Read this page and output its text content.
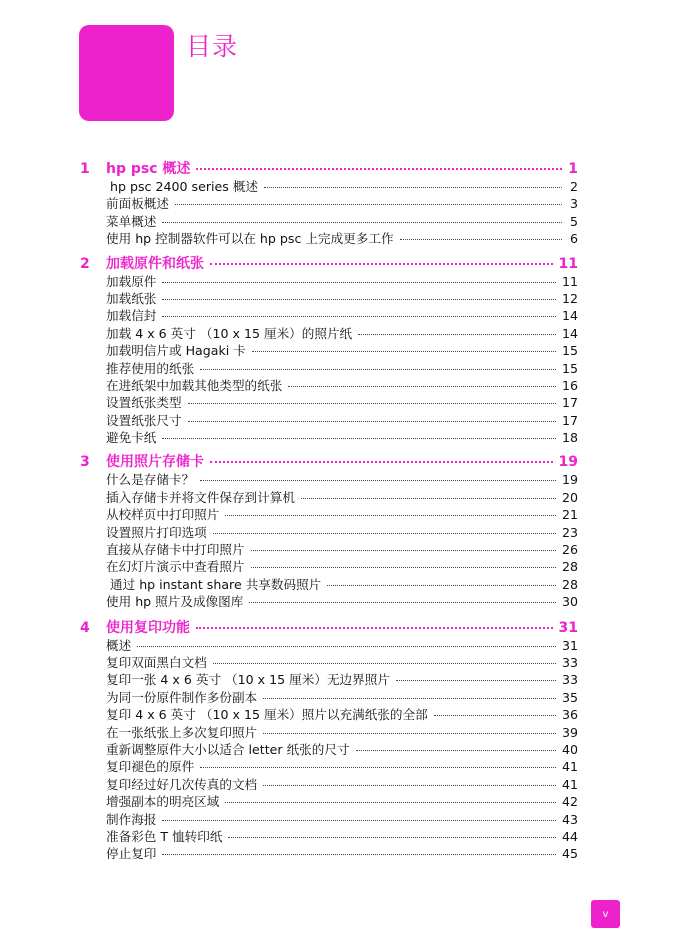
目录
1	hp psc 概述	1
hp psc 2400 series 概述	2
前面板概述	3
菜单概述	5
使用 hp 控制器软件可以在 hp psc 上完成更多工作	6
2	加载原件和纸张	11
加载原件	11
加载纸张	12
加载信封	14
加载 4 x 6 英寸 （10 x 15 厘米）的照片纸	14
加载明信片或 Hagaki 卡	15
推荐使用的纸张	15
在进纸架中加载其他类型的纸张	16
设置纸张类型	17
设置纸张尺寸	17
避免卡纸	18
3	使用照片存储卡	19
什么是存储卡？	19
插入存储卡并将文件保存到计算机	20
从校样页中打印照片	21
设置照片打印选项	23
直接从存储卡中打印照片	26
在幻灯片演示中查看照片	28
通过 hp instant share 共享数码照片	28
使用 hp 照片及成像图库	30
4	使用复印功能	31
概述	31
复印双面黑白文档	33
复印一张 4 x 6 英寸 （10 x 15 厘米）无边界照片	33
为同一份原件制作多份副本	35
复印 4 x 6 英寸 （10 x 15 厘米）照片以充满纸张的全部	36
在一张纸张上多次复印照片	39
重新调整原件大小以适合 letter 纸张的尺寸	40
复印褪色的原件	41
复印经过好几次传真的文档	41
增强副本的明亮区域	42
制作海报	43
准备彩色 T 恤转印纸	44
停止复印	45
v
